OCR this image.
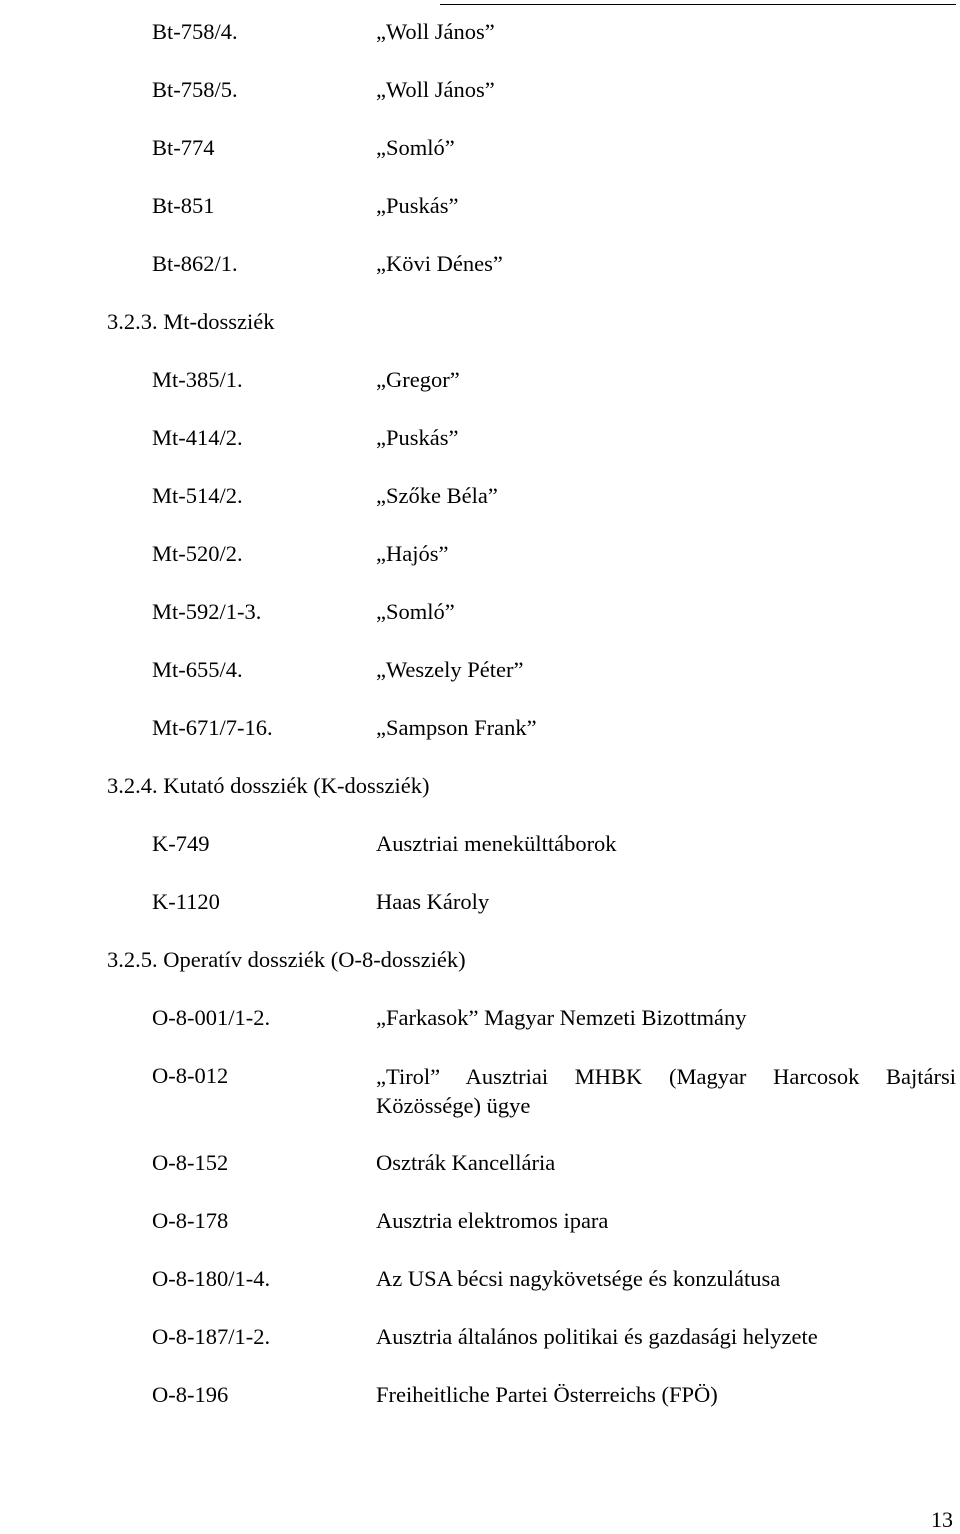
Bt-758/4.	„Woll János”
Bt-758/5.	„Woll János”
Bt-774	„Somló”
Bt-851	„Puskás”
Bt-862/1.	„Kövi Dénes”
3.2.3. Mt-dossziék
Mt-385/1.	„Gregor”
Mt-414/2.	„Puskás”
Mt-514/2.	„Szőke Béla”
Mt-520/2.	„Hajós”
Mt-592/1-3.	„Somló”
Mt-655/4.	„Weszely Péter”
Mt-671/7-16.	„Sampson Frank”
3.2.4. Kutató dossziék (K-dossziék)
K-749	Ausztriai menekülttáborok
K-1120	Haas Károly
3.2.5. Operatív dossziék (O-8-dossziék)
O-8-001/1-2.	„Farkasok” Magyar Nemzeti Bizottmány
O-8-012	„Tirol” Ausztriai MHBK (Magyar Harcosok Bajtársi Közössége) ügye
O-8-152	Osztrák Kancellária
O-8-178	Ausztria elektromos ipara
O-8-180/1-4.	Az USA bécsi nagykövetsége és konzulátusa
O-8-187/1-2.	Ausztria általános politikai és gazdasági helyzete
O-8-196	Freiheitliche Partei Österreichs (FPÖ)
13
